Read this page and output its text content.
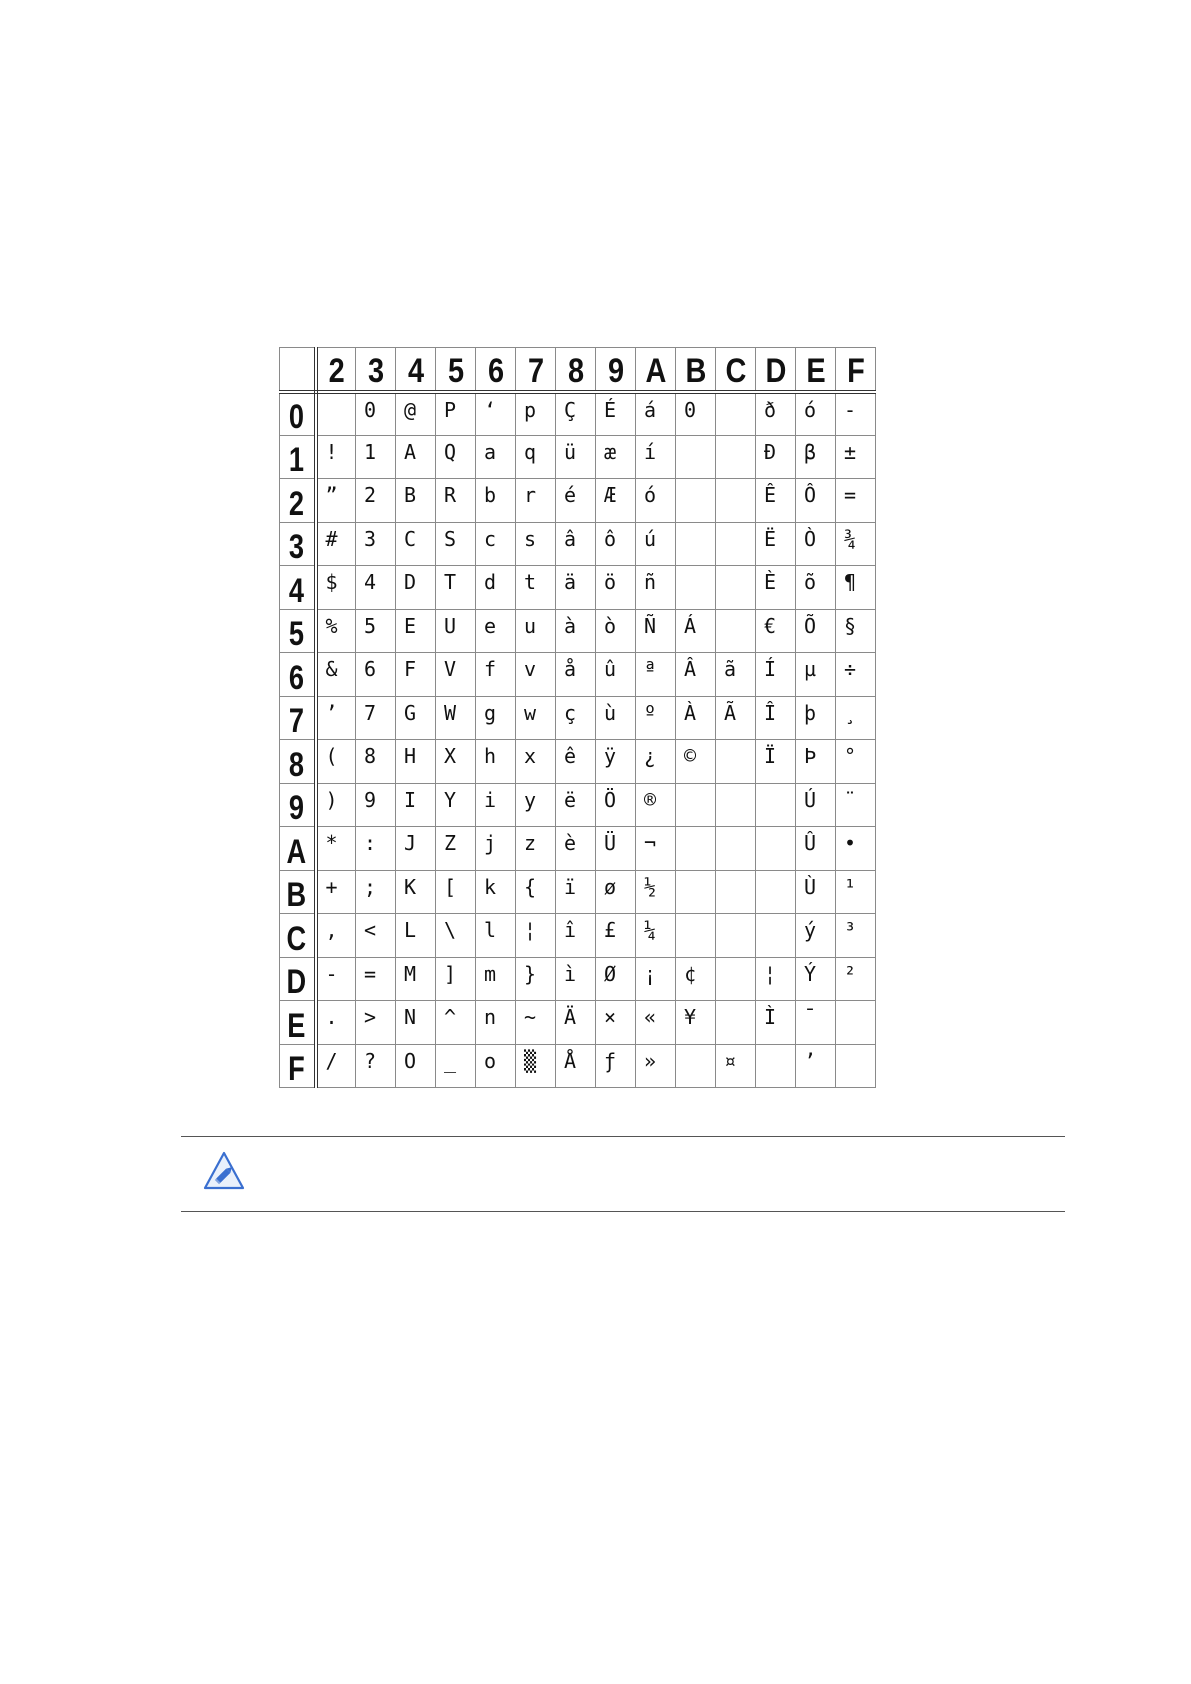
	2	3	4	5	6	7	8	9	A	B	C	D	E	F
0		0	@	P	‘	p	Ç	É	á	0		ð	ó	-
1	!	1	A	Q	a	q	ü	æ	í			Đ	β	±
2	”	2	B	R	b	r	é	Æ	ó			Ê	Ô	=
3	#	3	C	S	c	s	â	ô	ú			Ë	Ò	¾
4	$	4	D	T	d	t	ä	ö	ñ			È	õ	¶
5	%	5	E	U	e	u	à	ò	Ñ	Á		€	Õ	§
6	&	6	F	V	f	v	å	û	ª	Â	ã	Í	µ	÷
7	’	7	G	W	g	w	ç	ù	º	À	Ã	Î	þ	¸
8	(	8	H	X	h	x	ê	ÿ	¿	©		Ï	Þ	°
9	)	9	I	Y	i	y	ë	Ö	®				Ú	¨
A	*	:	J	Z	j	z	è	Ü	¬				Û	•
B	+	;	K	[	k	{	ï	ø	½				Ù	¹
C	,	<	L	\	l	¦	î	£	¼				ý	³
D	-	=	M	]	m	}	ì	Ø	¡	¢		¦	Ý	²
E	.	>	N	^	n	~	Ä	×	«	¥		Ì	¯	
F	/	?	O	_	o	▒	Å	ƒ	»		¤		’	
